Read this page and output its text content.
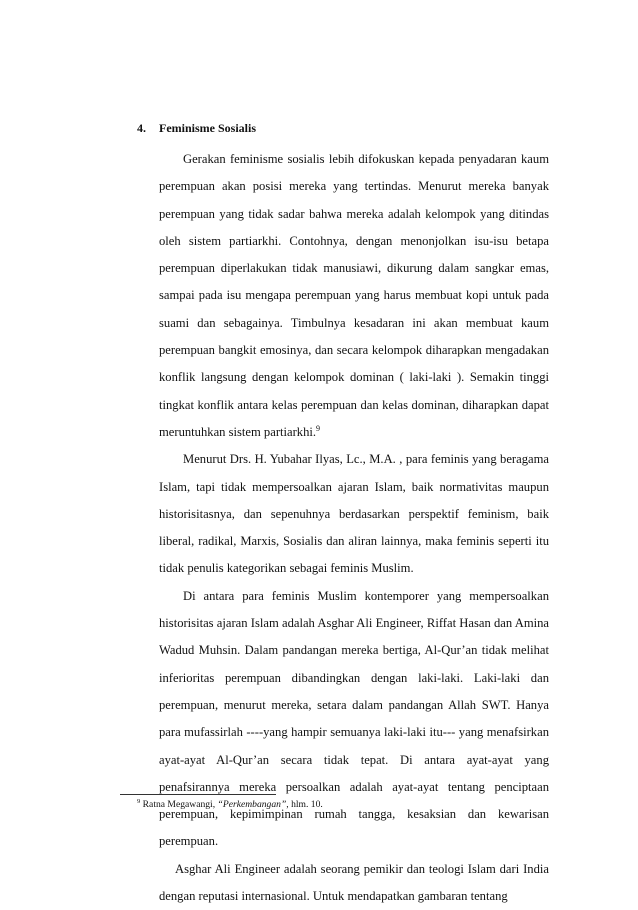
4. Feminisme Sosialis

Gerakan feminisme sosialis lebih difokuskan kepada penyadaran kaum perempuan akan posisi mereka yang tertindas. Menurut mereka banyak perempuan yang tidak sadar bahwa mereka adalah kelompok yang ditindas oleh sistem partiarkhi. Contohnya, dengan menonjolkan isu-isu betapa perempuan diperlakukan tidak manusiawi, dikurung dalam sangkar emas, sampai pada isu mengapa perempuan yang harus membuat kopi untuk pada suami dan sebagainya. Timbulnya kesadaran ini akan membuat kaum perempuan bangkit emosinya, dan secara kelompok diharapkan mengadakan konflik langsung dengan kelompok dominan ( laki-laki ). Semakin tinggi tingkat konflik antara kelas perempuan dan kelas dominan, diharapkan dapat meruntuhkan sistem partiarkhi.$^9$

Menurut Drs. H. Yubahar Ilyas, Lc., M.A. , para feminis yang beragama Islam, tapi tidak mempersoalkan ajaran Islam, baik normativitas maupun historisitasnya, dan sepenuhnya berdasarkan perspektif feminism, baik liberal, radikal, Marxis, Sosialis dan aliran lainnya, maka feminis seperti itu tidak penulis kategorikan sebagai feminis Muslim.

Di antara para feminis Muslim kontemporer yang mempersoalkan historisitas ajaran Islam adalah Asghar Ali Engineer, Riffat Hasan dan Amina Wadud Muhsin. Dalam pandangan mereka bertiga, Al-Qur’an tidak melihat inferioritas perempuan dibandingkan dengan laki-laki. Laki-laki dan perempuan, menurut mereka, setara dalam pandangan Allah SWT. Hanya para mufassirlah ----yang hampir semuanya laki-laki itu--- yang menafsirkan ayat-ayat Al-Qur’an secara tidak tepat. Di antara ayat-ayat yang penafsirannya mereka persoalkan adalah ayat-ayat tentang penciptaan perempuan, kepimimpinan rumah tangga, kesaksian dan kewarisan perempuan.

Asghar Ali Engineer adalah seorang pemikir dan teologi Islam dari India dengan reputasi internasional. Untuk mendapatkan gambaran tentang

$^9$ Ratna Megawangi, “Perkembangan”, hlm. 10.
